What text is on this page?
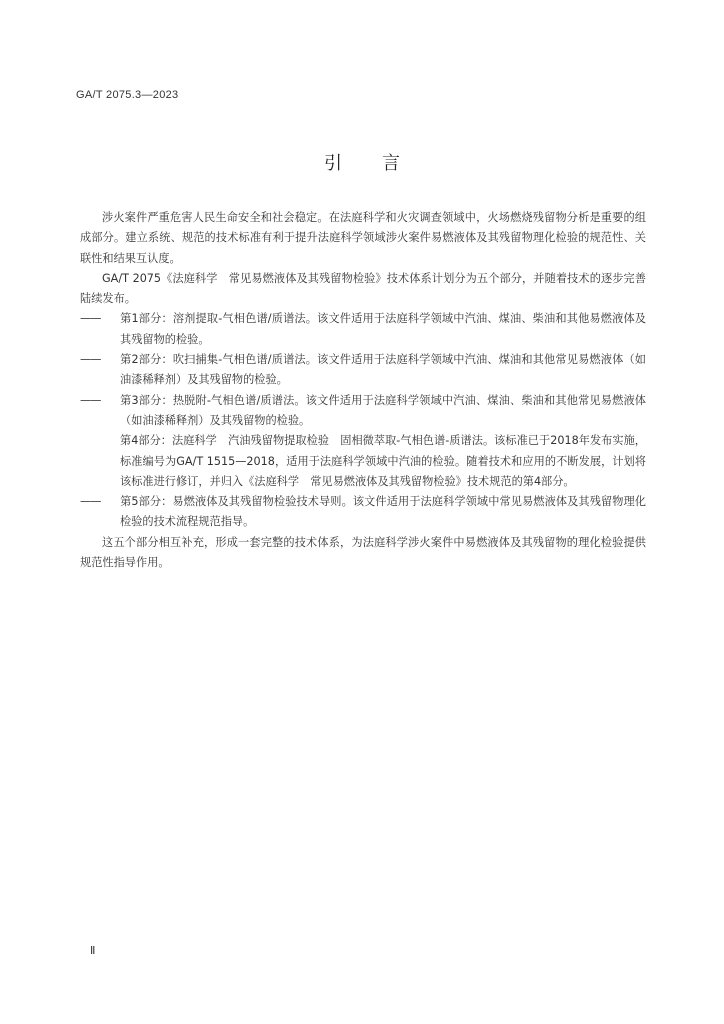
GA/T 2075.3—2023
引言

涉火案件严重危害人民生命安全和社会稳定。在法庭科学和火灾调查领域中，火场燃烧残留物分析是重要的组成部分。建立系统、规范的技术标准有利于提升法庭科学领域涉火案件易燃液体及其残留物理化检验的规范性、关联性和结果互认度。

GA/T 2075《法庭科学　常见易燃液体及其残留物检验》技术体系计划分为五个部分，并随着技术的逐步完善陆续发布。

—— 第1部分：溶剂提取-气相色谱/质谱法。该文件适用于法庭科学领域中汽油、煤油、柴油和其他易燃液体及其残留物的检验。

—— 第2部分：吹扫捕集-气相色谱/质谱法。该文件适用于法庭科学领域中汽油、煤油和其他常见易燃液体（如油漆稀释剂）及其残留物的检验。

—— 第3部分：热脱附-气相色谱/质谱法。该文件适用于法庭科学领域中汽油、煤油、柴油和其他常见易燃液体（如油漆稀释剂）及其残留物的检验。

第4部分：法庭科学　汽油残留物提取检验　固相微萃取-气相色谱-质谱法。该标准已于2018年发布实施，标准编号为GA/T 1515—2018，适用于法庭科学领域中汽油的检验。随着技术和应用的不断发展，计划将该标准进行修订，并归入《法庭科学　常见易燃液体及其残留物检验》技术规范的第4部分。

—— 第5部分：易燃液体及其残留物检验技术导则。该文件适用于法庭科学领域中常见易燃液体及其残留物理化检验的技术流程规范指导。

这五个部分相互补充，形成一套完整的技术体系，为法庭科学涉火案件中易燃液体及其残留物的理化检验提供规范性指导作用。

Ⅱ
